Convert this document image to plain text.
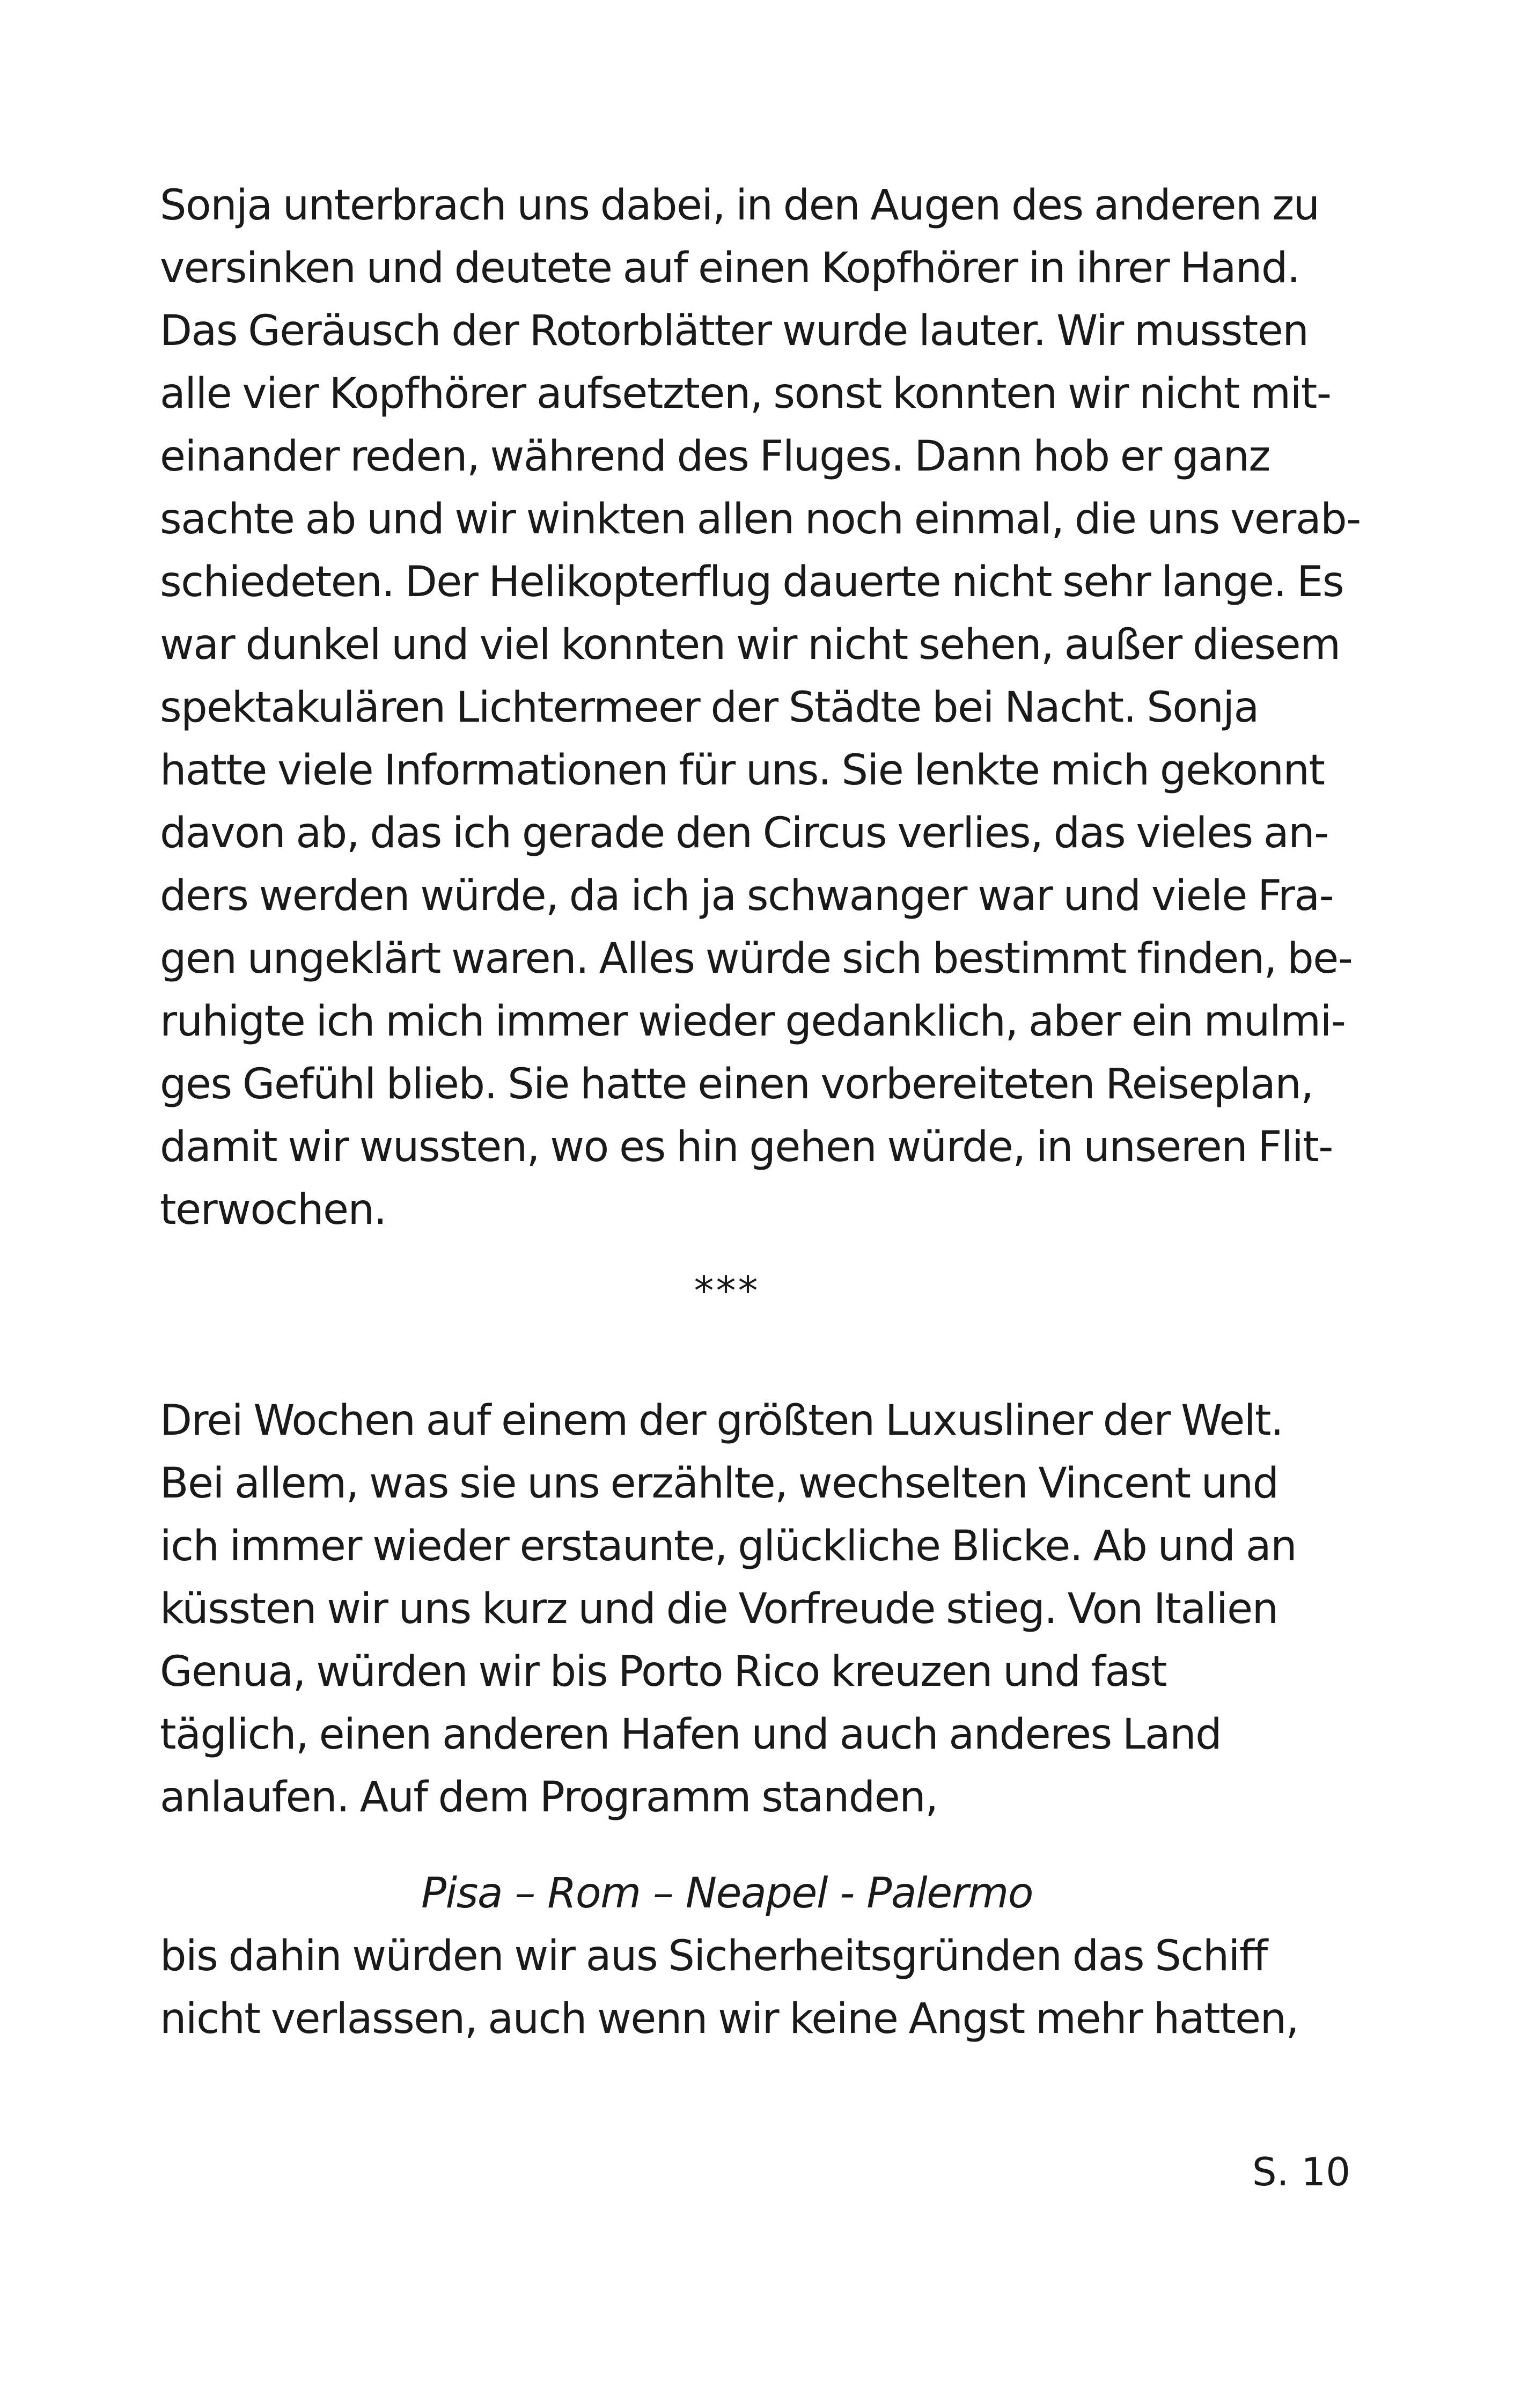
Sonja unterbrach uns dabei, in den Augen des anderen zu
versinken und deutete auf einen Kopfhörer in ihrer Hand.
Das Geräusch der Rotorblätter wurde lauter. Wir mussten
alle vier Kopfhörer aufsetzten, sonst konnten wir nicht mit-
einander reden, während des Fluges. Dann hob er ganz
sachte ab und wir winkten allen noch einmal, die uns verab-
schiedeten. Der Helikopterflug dauerte nicht sehr lange. Es
war dunkel und viel konnten wir nicht sehen, außer diesem
spektakulären Lichtermeer der Städte bei Nacht. Sonja
hatte viele Informationen für uns. Sie lenkte mich gekonnt
davon ab, das ich gerade den Circus verlies, das vieles an-
ders werden würde, da ich ja schwanger war und viele Fra-
gen ungeklärt waren. Alles würde sich bestimmt finden, be-
ruhigte ich mich immer wieder gedanklich, aber ein mulmi-
ges Gefühl blieb. Sie hatte einen vorbereiteten Reiseplan,
damit wir wussten, wo es hin gehen würde, in unseren Flit-
terwochen.
***
Drei Wochen auf einem der größten Luxusliner der Welt.
Bei allem, was sie uns erzählte, wechselten Vincent und
ich immer wieder erstaunte, glückliche Blicke. Ab und an
küssten wir uns kurz und die Vorfreude stieg. Von Italien
Genua, würden wir bis Porto Rico kreuzen und fast
täglich, einen anderen Hafen und auch anderes Land
anlaufen. Auf dem Programm standen,
Pisa – Rom – Neapel - Palermo
bis dahin würden wir aus Sicherheitsgründen das Schiff
nicht verlassen, auch wenn wir keine Angst mehr hatten,
S. 10
